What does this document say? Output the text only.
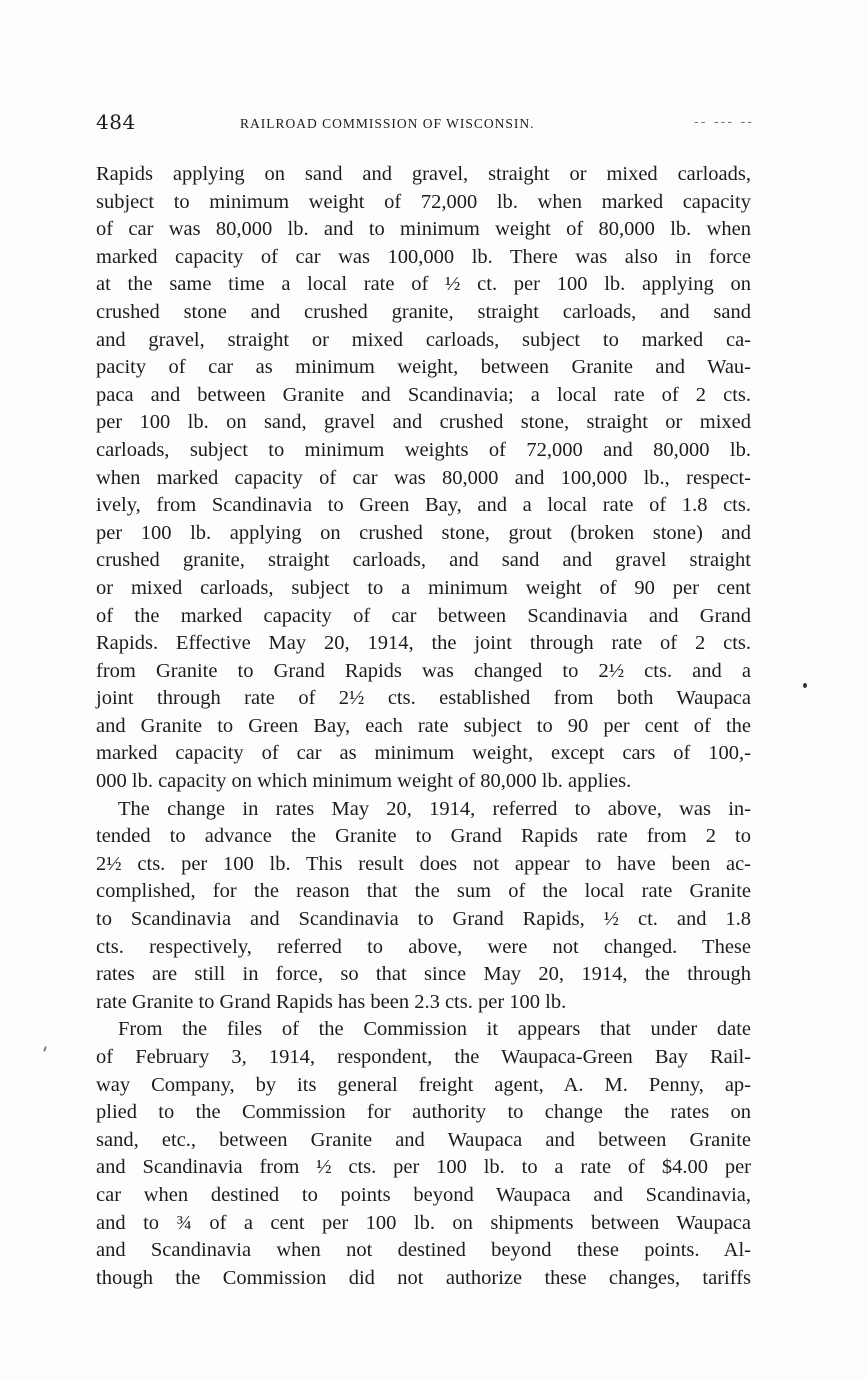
484	RAILROAD COMMISSION OF WISCONSIN.	-- --- --
Rapids applying on sand and gravel, straight or mixed carloads,
subject to minimum weight of 72,000 lb. when marked capacity
of car was 80,000 lb. and to minimum weight of 80,000 lb. when
marked capacity of car was 100,000 lb. There was also in force
at the same time a local rate of ½ ct. per 100 lb. applying on
crushed stone and crushed granite, straight carloads, and sand
and gravel, straight or mixed carloads, subject to marked ca-
pacity of car as minimum weight, between Granite and Wau-
paca and between Granite and Scandinavia; a local rate of 2 cts.
per 100 lb. on sand, gravel and crushed stone, straight or mixed
carloads, subject to minimum weights of 72,000 and 80,000 lb.
when marked capacity of car was 80,000 and 100,000 lb., respect-
ively, from Scandinavia to Green Bay, and a local rate of 1.8 cts.
per 100 lb. applying on crushed stone, grout (broken stone) and
crushed granite, straight carloads, and sand and gravel straight
or mixed carloads, subject to a minimum weight of 90 per cent
of the marked capacity of car between Scandinavia and Grand
Rapids. Effective May 20, 1914, the joint through rate of 2 cts.
from Granite to Grand Rapids was changed to 2½ cts. and a
joint through rate of 2½ cts. established from both Waupaca
and Granite to Green Bay, each rate subject to 90 per cent of the
marked capacity of car as minimum weight, except cars of 100,-
000 lb. capacity on which minimum weight of 80,000 lb. applies.
The change in rates May 20, 1914, referred to above, was in-
tended to advance the Granite to Grand Rapids rate from 2 to
2½ cts. per 100 lb. This result does not appear to have been ac-
complished, for the reason that the sum of the local rate Granite
to Scandinavia and Scandinavia to Grand Rapids, ½ ct. and 1.8
cts. respectively, referred to above, were not changed. These
rates are still in force, so that since May 20, 1914, the through
rate Granite to Grand Rapids has been 2.3 cts. per 100 lb.
From the files of the Commission it appears that under date
of February 3, 1914, respondent, the Waupaca-Green Bay Rail-
way Company, by its general freight agent, A. M. Penny, ap-
plied to the Commission for authority to change the rates on
sand, etc., between Granite and Waupaca and between Granite
and Scandinavia from ½ cts. per 100 lb. to a rate of $4.00 per
car when destined to points beyond Waupaca and Scandinavia,
and to ¾ of a cent per 100 lb. on shipments between Waupaca
and Scandinavia when not destined beyond these points. Al-
though the Commission did not authorize these changes, tariffs
